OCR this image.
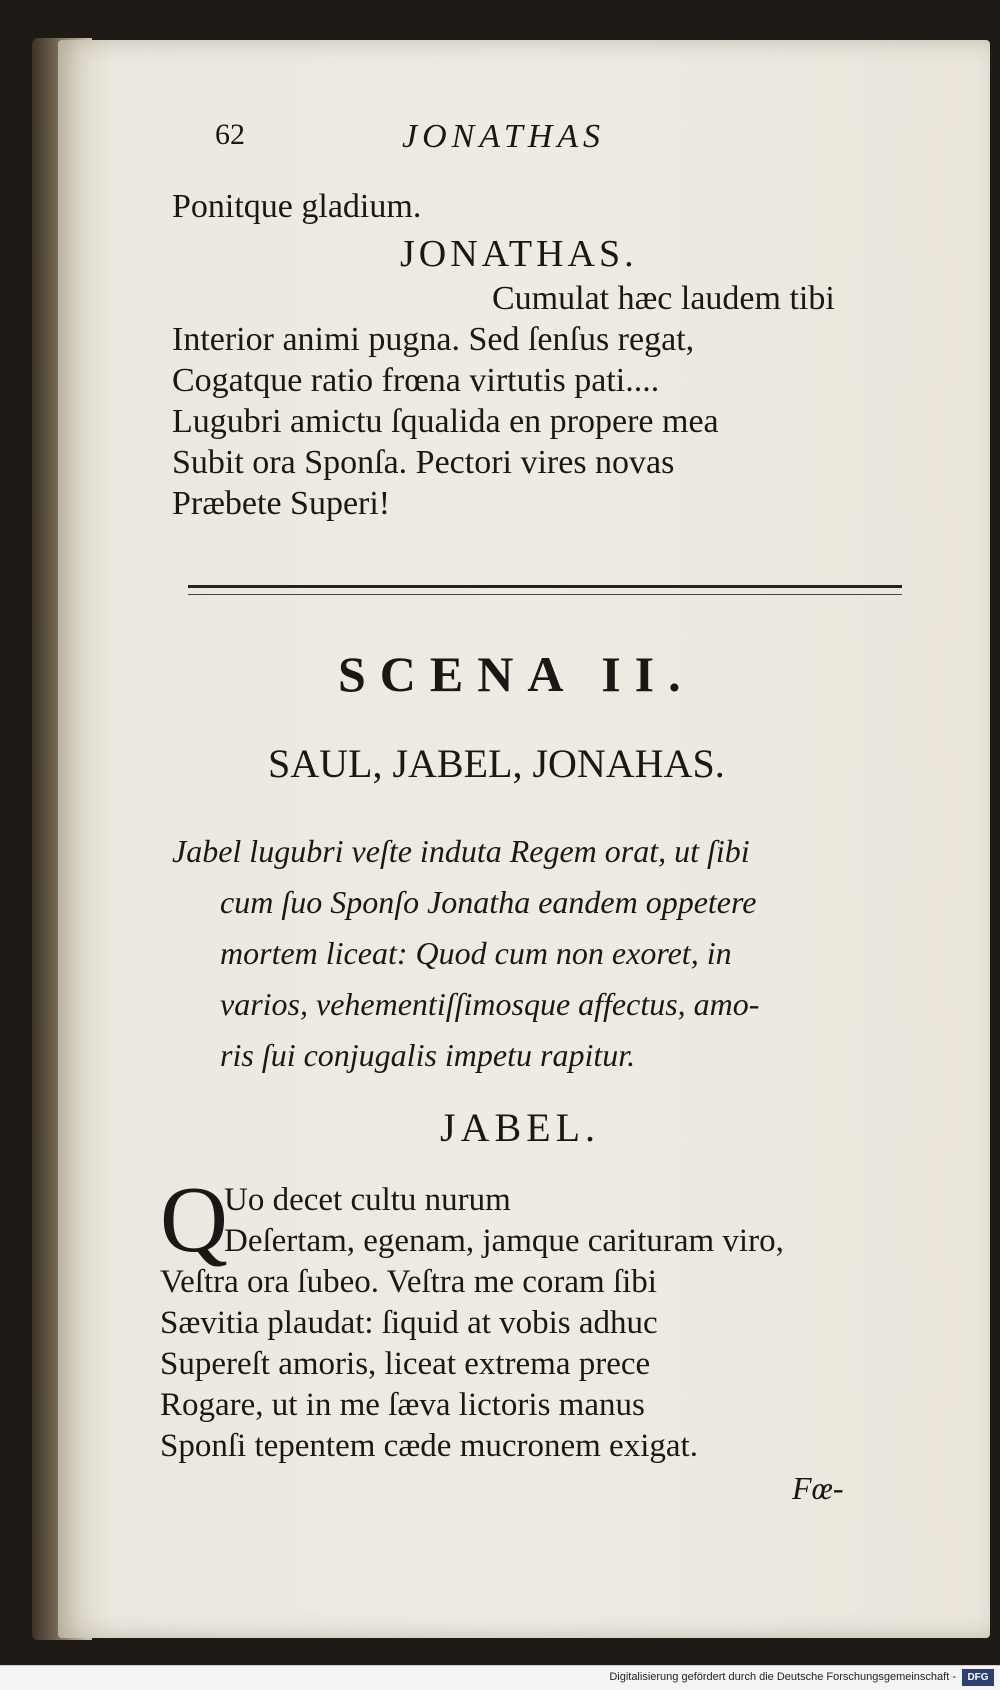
62	JONATHAS
Ponitque gladium.
JONATHAS.
Cumulat hæc laudem tibi
Interior animi pugna. Sed ſenſus regat,
Cogatque ratio frœna virtutis pati....
Lugubri amictu ſqualida en propere mea
Subit ora Sponſa. Pectori vires novas
Præbete Superi!
SCENA II.
SAUL, JABEL, JONAHAS.
Jabel lugubri veſte induta Regem orat, ut ſibi
cum ſuo Sponſo Jonatha eandem oppetere
mortem liceat: Quod cum non exoret, in
varios, vehementiſſimosque affectus, amo-
ris ſui conjugalis impetu rapitur.
JABEL.
Q
Uo decet cultu nurum
Deſertam, egenam, jamque carituram viro,
Veſtra ora ſubeo. Veſtra me coram ſibi
Sævitia plaudat: ſiquid at vobis adhuc
Supereſt amoris, liceat extrema prece
Rogare, ut in me ſæva lictoris manus
Sponſi tepentem cæde mucronem exigat.
Fœ-
Digitalisierung gefördert durch die Deutsche Forschungsgemeinschaft -	DFG
